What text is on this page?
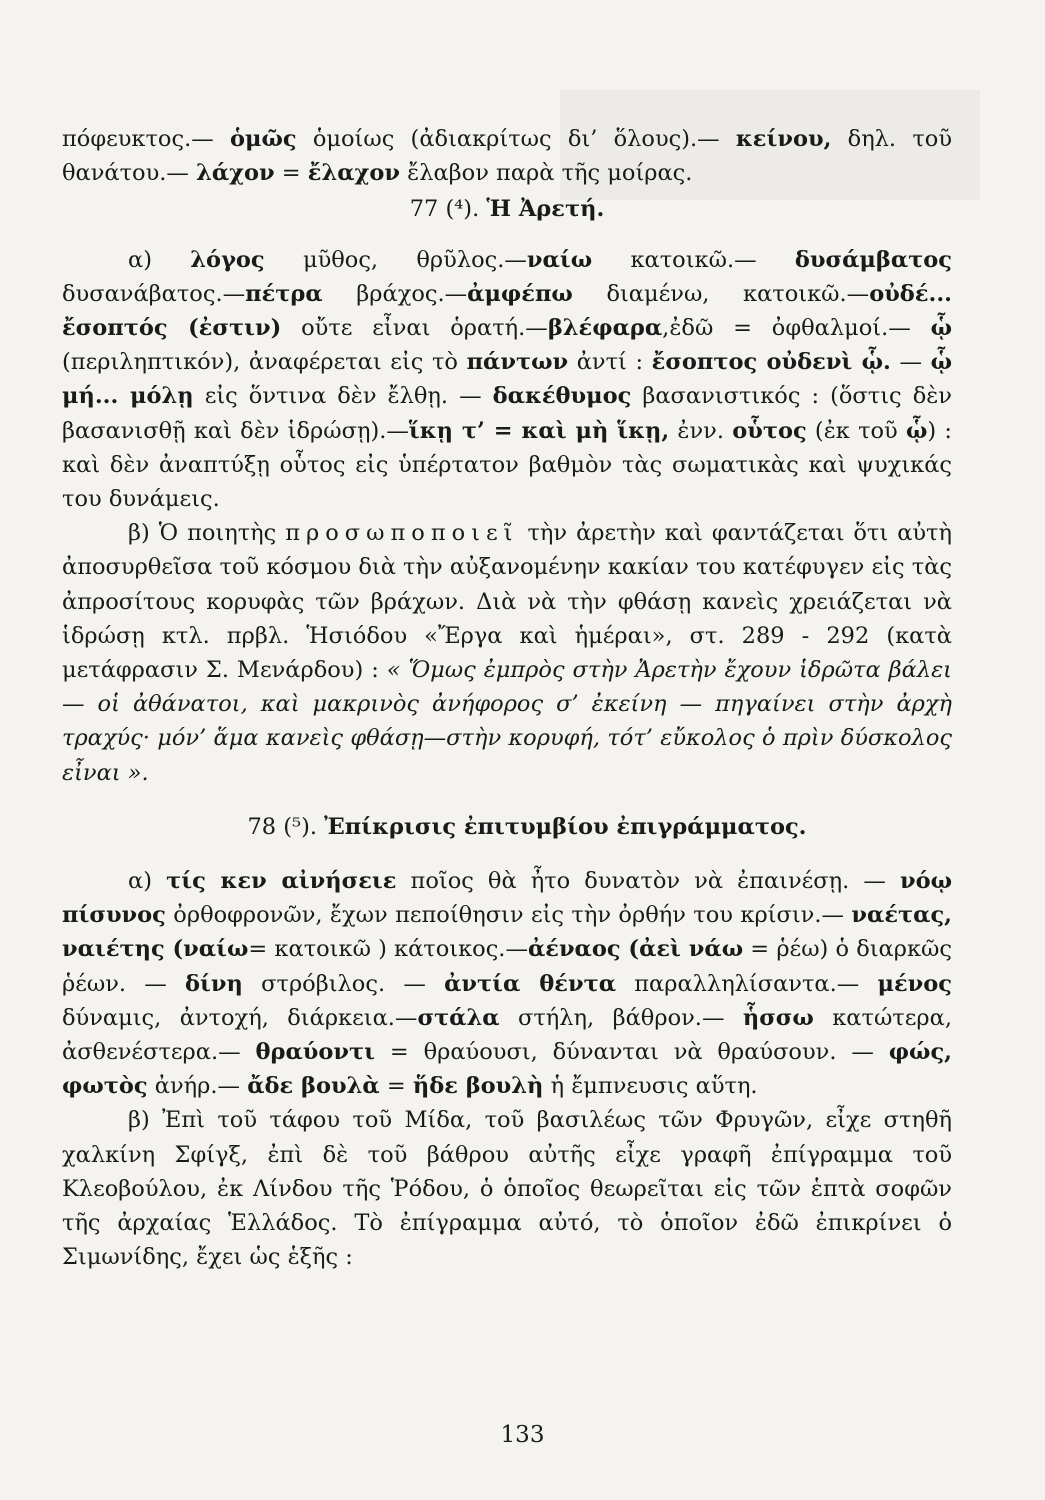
πόφευκτος.— ὁμῶς ὁμοίως (ἀδιακρίτως δι’ ὅλους).— κείνου, δηλ. τοῦ θανάτου.— λάχον = ἔλαχον ἔλαβον παρὰ τῆς μοίρας.

77 (⁴). Ἡ Ἀρετή.

α) λόγος μῦθος, θρῦλος.—ναίω κατοικῶ.— δυσάμβατος δυσανάβατος.—πέτρα βράχος.—ἀμφέπω διαμένω, κατοικῶ.—οὐδέ... ἔσοπτός (ἐστιν) οὔτε εἶναι ὁρατή.—βλέφαρα,ἐδῶ = ὀφθαλμοί.— ᾧ (περιληπτικόν), ἀναφέρεται εἰς τὸ πάντων ἀντί : ἔσοπτος οὐδενὶ ᾧ. — ᾧ μή... μόλῃ εἰς ὅντινα δὲν ἔλθῃ. — δακέθυμος βασανιστικός : (ὅστις δὲν βασανισθῇ καὶ δὲν ἱδρώσῃ).—ἵκῃ τ’ = καὶ μὴ ἵκῃ, ἐνν. οὗτος (ἐκ τοῦ ᾧ) : καὶ δὲν ἀναπτύξῃ οὗτος εἰς ὑπέρτατον βαθμὸν τὰς σωματικὰς καὶ ψυχικάς του δυνάμεις.

β) Ὁ ποιητὴς προσωποποιεῖ τὴν ἀρετὴν καὶ φαντάζεται ὅτι αὐτὴ ἀποσυρθεῖσα τοῦ κόσμου διὰ τὴν αὐξανομένην κακίαν του κατέφυγεν εἰς τὰς ἀπροσίτους κορυφὰς τῶν βράχων. Διὰ νὰ τὴν φθάσῃ κανεὶς χρειάζεται νὰ ἱδρώσῃ κτλ. πρβλ. Ἡσιόδου «Ἔργα καὶ ἡμέραι», στ. 289 - 292 (κατὰ μετάφρασιν Σ. Μενάρδου) : « Ὅμως ἐμπρὸς στὴν Ἀρετὴν ἔχουν ἱδρῶτα βάλει — οἱ ἀθάνατοι, καὶ μακρινὸς ἀνήφορος σ’ ἐκείνη — πηγαίνει στὴν ἀρχὴ τραχύς· μόν’ ἅμα κανεὶς φθάσῃ—στὴν κορυφή, τότ’ εὔκολος ὁ πρὶν δύσκολος εἶναι ».

78 (⁵). Ἐπίκρισις ἐπιτυμβίου ἐπιγράμματος.

α) τίς κεν αἰνήσειε ποῖος θὰ ἦτο δυνατὸν νὰ ἐπαινέσῃ. — νόῳ πίσυνος ὀρθοφρονῶν, ἔχων πεποίθησιν εἰς τὴν ὀρθήν του κρίσιν.— ναέτας, ναιέτης (ναίω= κατοικῶ ) κάτοικος.—ἀέναος (ἀεὶ νάω = ῥέω) ὁ διαρκῶς ῥέων. — δίνη στρόβιλος. — ἀντία θέντα παραλληλίσαντα.— μένος δύναμις, ἀντοχή, διάρκεια.—στάλα στήλη, βάθρον.— ἧσσω κατώτερα, ἀσθενέστερα.— θραύοντι = θραύουσι, δύνανται νὰ θραύσουν. — φώς, φωτὸς ἀνήρ.— ἄδε βουλὰ = ἥδε βουλὴ ἡ ἔμπνευσις αὕτη.

β) Ἐπὶ τοῦ τάφου τοῦ Μίδα, τοῦ βασιλέως τῶν Φρυγῶν, εἶχε στηθῆ χαλκίνη Σφίγξ, ἐπὶ δὲ τοῦ βάθρου αὐτῆς εἶχε γραφῆ ἐπίγραμμα τοῦ Κλεοβούλου, ἐκ Λίνδου τῆς Ῥόδου, ὁ ὁποῖος θεωρεῖται εἰς τῶν ἑπτὰ σοφῶν τῆς ἀρχαίας Ἑλλάδος. Τὸ ἐπίγραμμα αὐτό, τὸ ὁποῖον ἐδῶ ἐπικρίνει ὁ Σιμωνίδης, ἔχει ὡς ἑξῆς :

133
